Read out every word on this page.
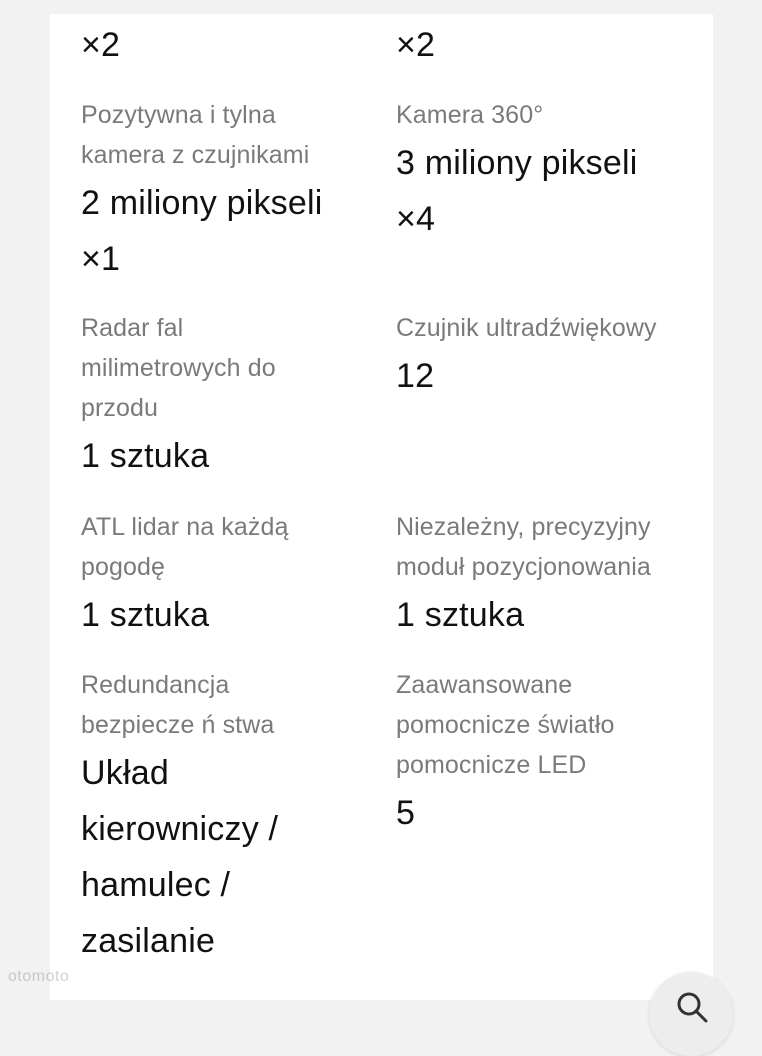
×2	×2
Pozytywna i tylna kamera z czujnikami
2 miliony pikseli ×1
Kamera 360°
3 miliony pikseli ×4
Radar fal milimetrowych do przodu
1 sztuka
Czujnik ultradźwiękowy
12
ATL lidar na każdą pogodę
1 sztuka
Niezależny, precyzyjny moduł pozycjonowania
1 sztuka
Redundancja bezpiecze ń stwa
Układ kierowniczy / hamulec / zasilanie
Zaawansowane pomocnicze światło pomocnicze LED
5
otomoto
